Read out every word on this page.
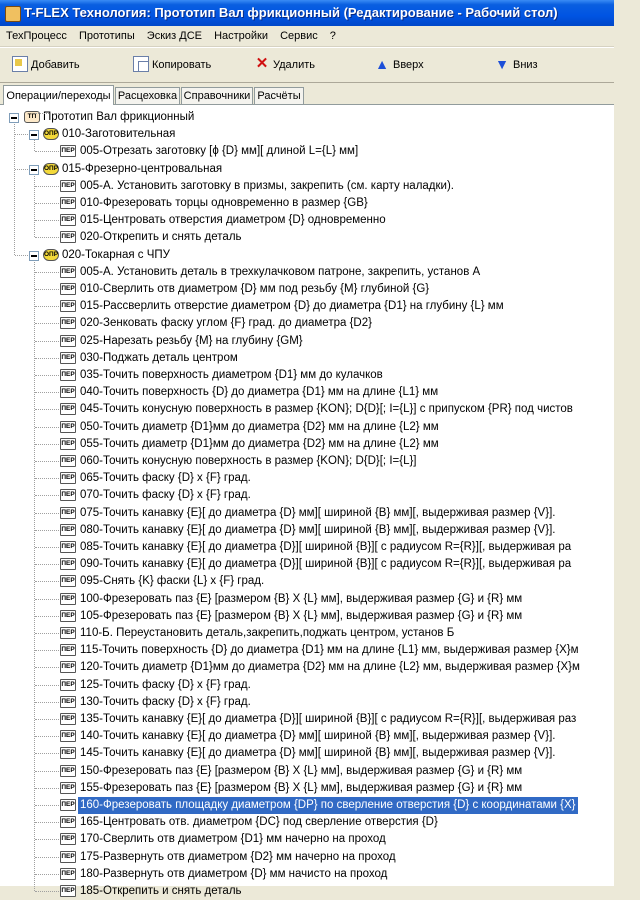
T-FLEX Технология: Прототип Вал фрикционный (Редактирование - Рабочий стол)
ТехПроцесс Прототипы Эскиз ДСЕ Настройки Сервис ?
Добавить	Копировать	✕ Удалить	▲ Вверх	▼ Вниз
Операции/переходы Расцеховка Справочники Расчёты
ТП Прототип Вал фрикционный
ОПР 010-Заготовительная
ПЕР 005-Отрезать заготовку [ϕ {D} мм][ длиной L={L} мм]
ОПР 015-Фрезерно-центровальная
ПЕР 005-А. Установить заготовку в призмы, закрепить (см. карту наладки).
ПЕР 010-Фрезеровать торцы одновременно в размер {GB}
ПЕР 015-Центровать отверстия диаметром {D} одновременно
ПЕР 020-Открепить и снять деталь
ОПР 020-Токарная с ЧПУ
ПЕР 005-А. Установить деталь в трехкулачковом патроне, закрепить, установ А
ПЕР 010-Сверлить отв диаметром {D} мм под резьбу {M} глубиной {G}
ПЕР 015-Рассверлить отверстие диаметром {D} до диаметра {D1} на глубину {L} мм
ПЕР 020-Зенковать фаску углом {F} град. до диаметра {D2}
ПЕР 025-Нарезать резьбу {M} на глубину {GM}
ПЕР 030-Поджать деталь центром
ПЕР 035-Точить поверхность диаметром {D1} мм до кулачков
ПЕР 040-Точить поверхность {D} до диаметра {D1} мм на длине {L1} мм
ПЕР 045-Точить конусную поверхность в размер {KON}; D{D}[; I={L}] с припуском {PR} под чистов
ПЕР 050-Точить диаметр {D1}мм до диаметра {D2} мм на длине {L2} мм
ПЕР 055-Точить диаметр {D1}мм до диаметра {D2} мм на длине {L2} мм
ПЕР 060-Точить конусную поверхность в размер {KON}; D{D}[; I={L}]
ПЕР 065-Точить фаску {D} x {F} град.
ПЕР 070-Точить фаску {D} x {F} град.
ПЕР 075-Точить канавку {E}[ до диаметра {D} мм][ шириной {B} мм][, выдерживая размер {V}].
ПЕР 080-Точить канавку {E}[ до диаметра {D} мм][ шириной {B} мм][, выдерживая размер {V}].
ПЕР 085-Точить канавку {E}[ до диаметра {D}][ шириной {B}][ с радиусом R={R}][, выдерживая ра
ПЕР 090-Точить канавку {E}[ до диаметра {D}][ шириной {B}][ с радиусом R={R}][, выдерживая ра
ПЕР 095-Снять {K} фаски {L} x {F} град.
ПЕР 100-Фрезеровать паз {E} [размером {B} X {L} мм], выдерживая размер {G} и {R} мм
ПЕР 105-Фрезеровать паз {E} [размером {B} X {L} мм], выдерживая размер {G} и {R} мм
ПЕР 110-Б. Переустановить деталь,закрепить,поджать центром, установ Б
ПЕР 115-Точить поверхность {D} до диаметра {D1} мм на длине {L1} мм, выдерживая размер {X}м
ПЕР 120-Точить диаметр {D1}мм до диаметра {D2} мм на длине {L2} мм, выдерживая размер {X}м
ПЕР 125-Точить фаску {D} x {F} град.
ПЕР 130-Точить фаску {D} x {F} град.
ПЕР 135-Точить канавку {E}[ до диаметра {D}][ шириной {B}][ с радиусом R={R}][, выдерживая раз
ПЕР 140-Точить канавку {E}[ до диаметра {D} мм][ шириной {B} мм][, выдерживая размер {V}].
ПЕР 145-Точить канавку {E}[ до диаметра {D} мм][ шириной {B} мм][, выдерживая размер {V}].
ПЕР 150-Фрезеровать паз {E} [размером {B} X {L} мм], выдерживая размер {G} и {R} мм
ПЕР 155-Фрезеровать паз {E} [размером {B} X {L} мм], выдерживая размер {G} и {R} мм
ПЕР 160-Фрезеровать площадку диаметром {DP} по сверление отверстия {D} с координатами {X}
ПЕР 165-Центровать отв. диаметром {DC} под сверление отверстия {D}
ПЕР 170-Сверлить отв диаметром {D1} мм начерно на проход
ПЕР 175-Развернуть отв диаметром {D2} мм начерно на проход
ПЕР 180-Развернуть отв диаметром {D} мм начисто на проход
ПЕР 185-Открепить и снять деталь
